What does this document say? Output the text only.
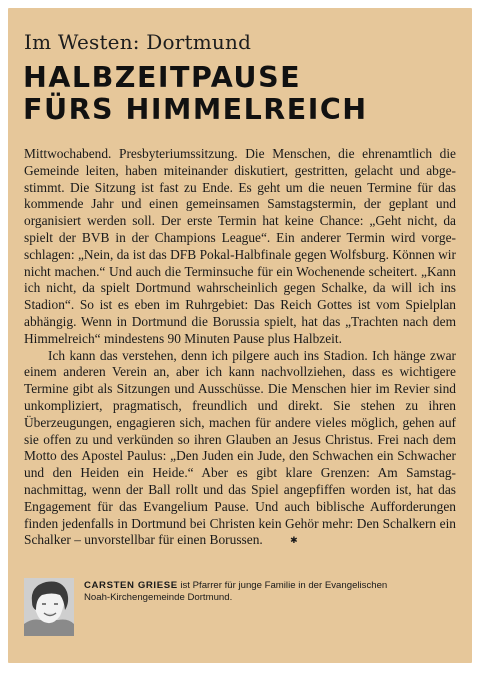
Im Westen: Dortmund
HALBZEITPAUSE
FÜRS HIMMELREICH

Mittwochabend. Presbyteriumssitzung. Die Menschen, die ehrenamtlich die Gemeinde leiten, haben miteinander diskutiert, gestritten, gelacht und abgestimmt. Die Sitzung ist fast zu Ende. Es geht um die neuen Termine für das kommende Jahr und einen gemeinsamen Samstagstermin, der geplant und organisiert werden soll. Der erste Termin hat keine Chance: „Geht nicht, da spielt der BVB in der Champions League“. Ein anderer Termin wird vorgeschlagen: „Nein, da ist das DFB Pokal-Halbfinale gegen Wolfsburg. Können wir nicht machen.“ Und auch die Terminsuche für ein Wochenende scheitert. „Kann ich nicht, da spielt Dortmund wahrscheinlich gegen Schalke, da will ich ins Stadion“. So ist es eben im Ruhrgebiet: Das Reich Gottes ist vom Spielplan abhängig. Wenn in Dortmund die Borussia spielt, hat das „Trachten nach dem Himmelreich“ mindestens 90 Minuten Pause plus Halbzeit.

Ich kann das verstehen, denn ich pilgere auch ins Stadion. Ich hänge zwar einem anderen Verein an, aber ich kann nachvollziehen, dass es wichtigere Termine gibt als Sitzungen und Ausschüsse. Die Menschen hier im Revier sind unkompliziert, pragmatisch, freundlich und direkt. Sie stehen zu ihren Überzeugungen, engagieren sich, machen für andere vieles möglich, gehen auf sie offen zu und verkünden so ihren Glauben an Jesus Christus. Frei nach dem Motto des Apostel Paulus: „Den Juden ein Jude, den Schwachen ein Schwacher und den Heiden ein Heide.“ Aber es gibt klare Grenzen: Am Samstagnachmittag, wenn der Ball rollt und das Spiel angepfiffen worden ist, hat das Engagement für das Evangelium Pause. Und auch biblische Aufforderungen finden jedenfalls in Dortmund bei Christen kein Gehör mehr: Den Schalkern ein Schalker – unvorstellbar für einen Borussen.	✱

CARSTEN GRIESE ist Pfarrer für junge Familie in der Evangelischen Noah-Kirchengemeinde Dortmund.
